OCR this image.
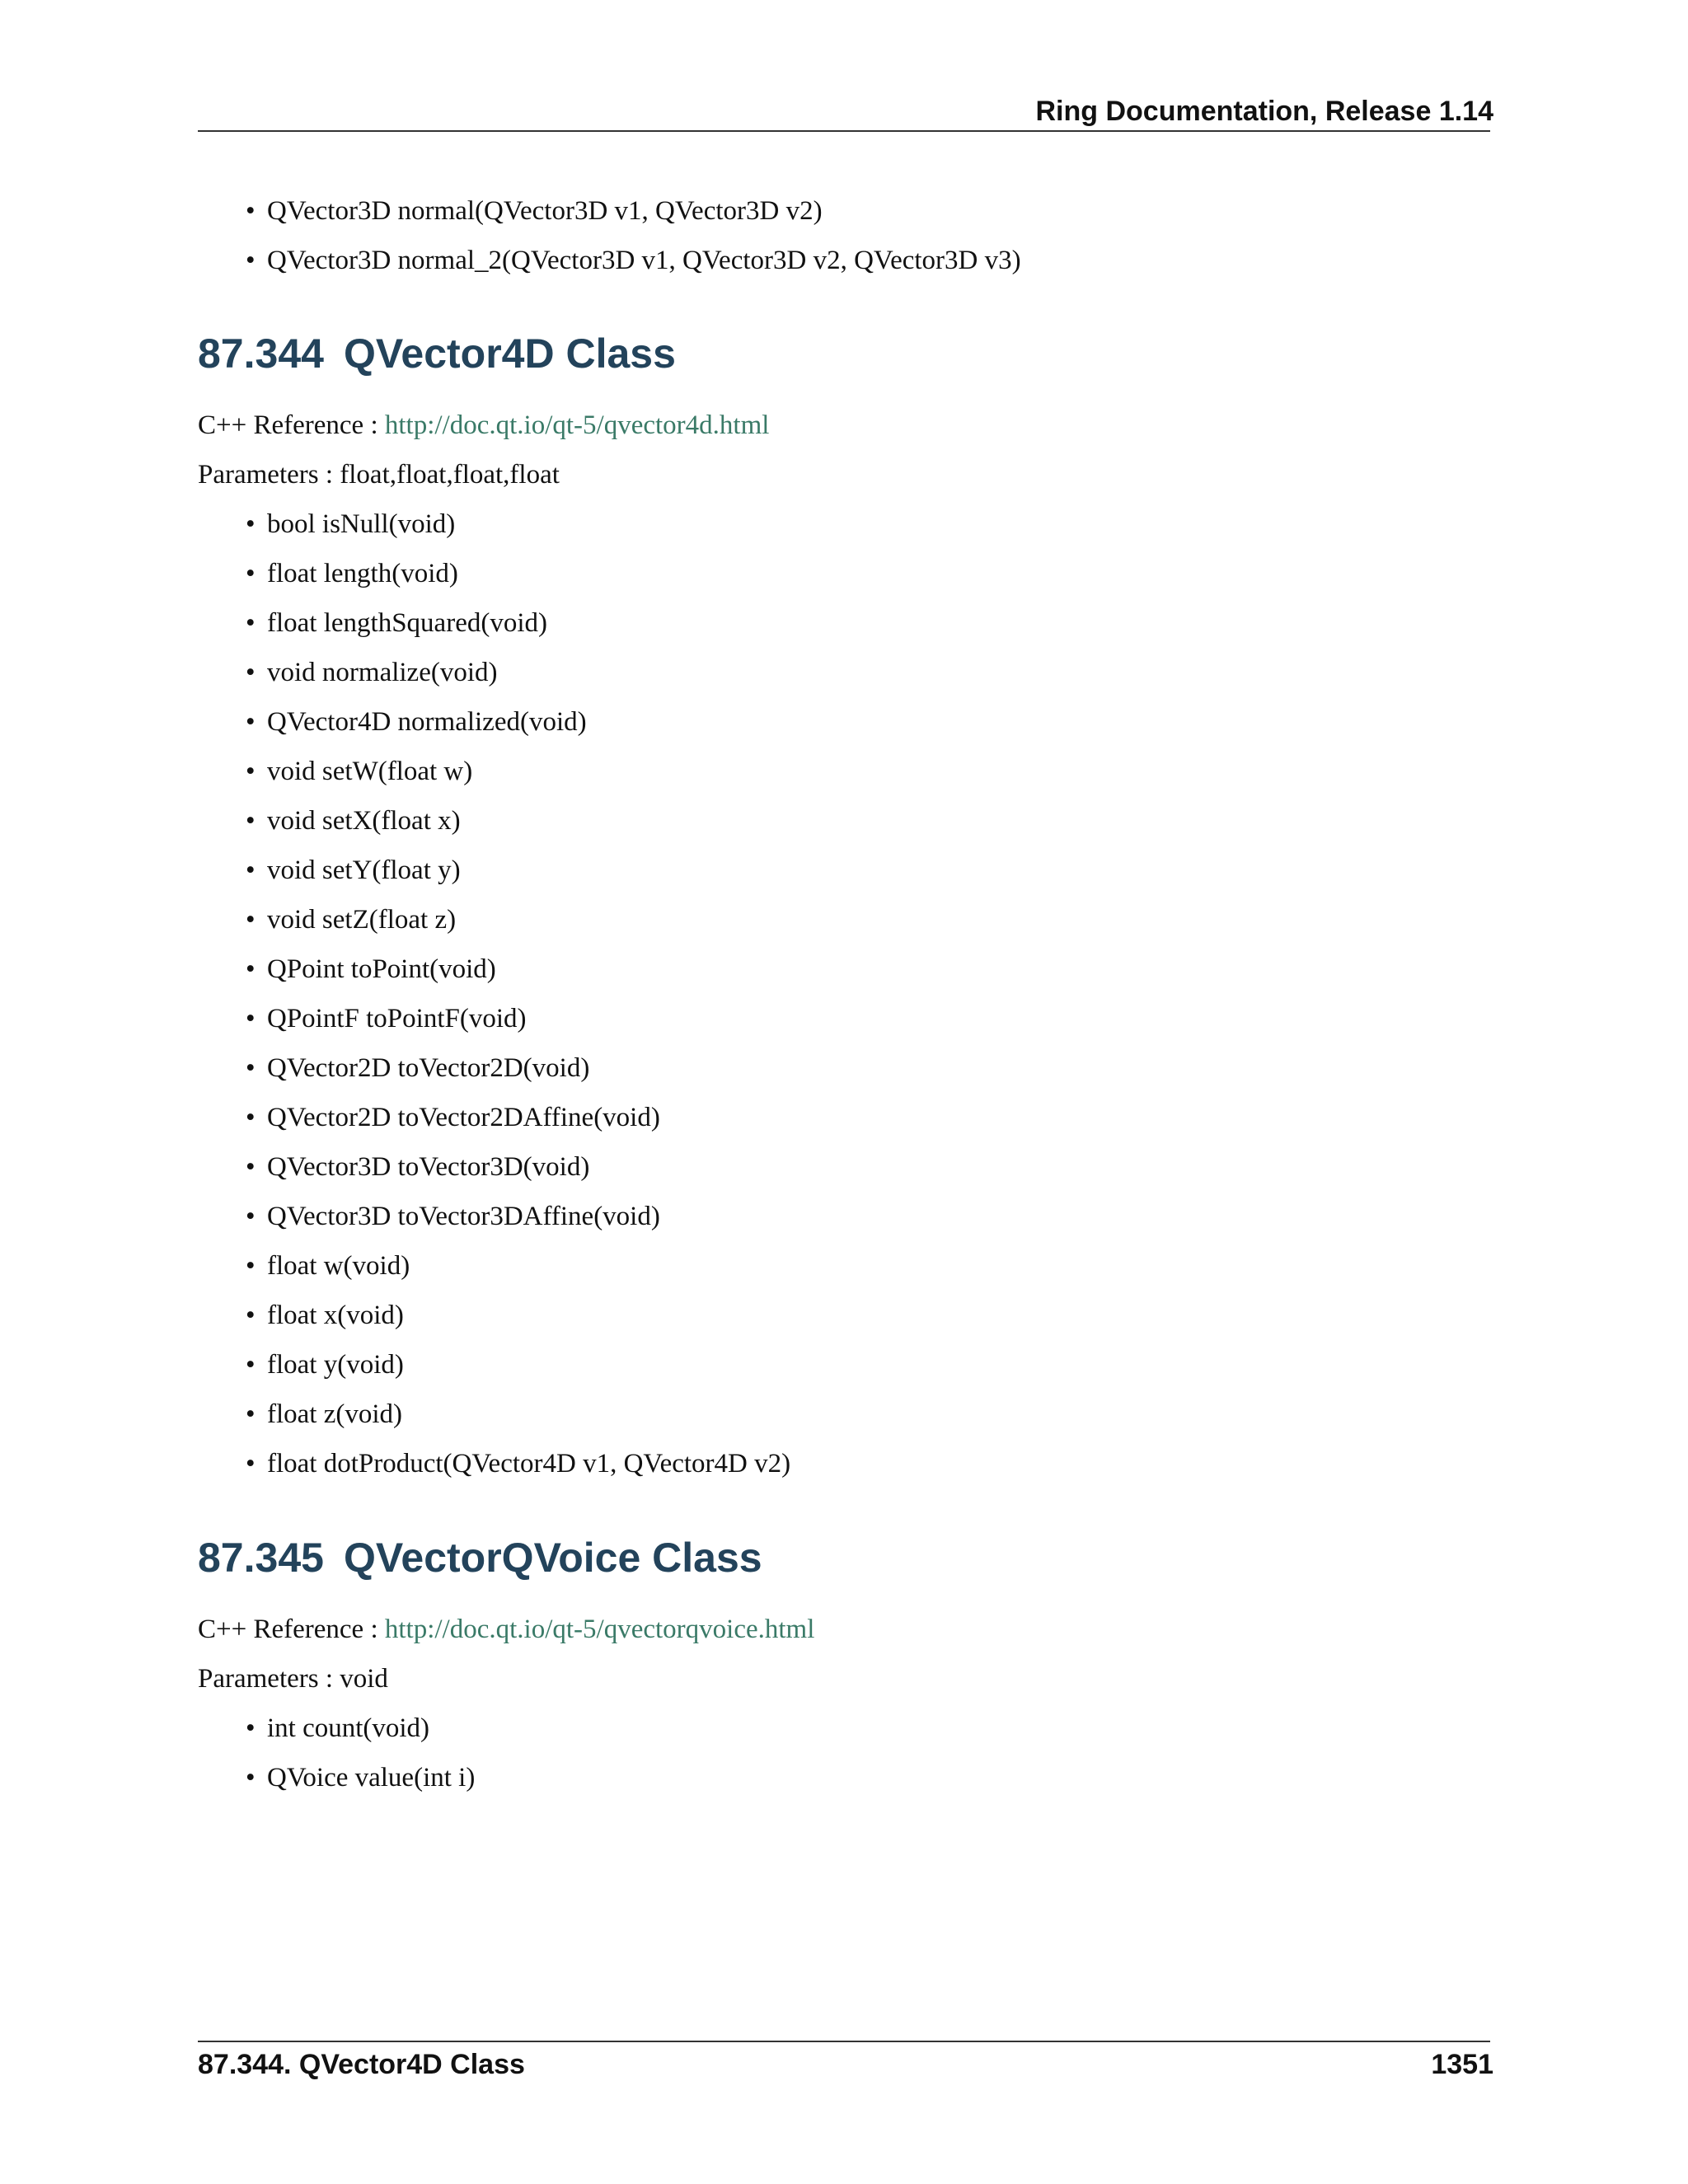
Ring Documentation, Release 1.14
• QVector3D normal(QVector3D v1, QVector3D v2)
• QVector3D normal_2(QVector3D v1, QVector3D v2, QVector3D v3)
87.344 QVector4D Class

C++ Reference : http://doc.qt.io/qt-5/qvector4d.html

Parameters : float,float,float,float

• bool isNull(void)
• float length(void)
• float lengthSquared(void)
• void normalize(void)
• QVector4D normalized(void)
• void setW(float w)
• void setX(float x)
• void setY(float y)
• void setZ(float z)
• QPoint toPoint(void)
• QPointF toPointF(void)
• QVector2D toVector2D(void)
• QVector2D toVector2DAffine(void)
• QVector3D toVector3D(void)
• QVector3D toVector3DAffine(void)
• float w(void)
• float x(void)
• float y(void)
• float z(void)
• float dotProduct(QVector4D v1, QVector4D v2)
87.345 QVectorQVoice Class

C++ Reference : http://doc.qt.io/qt-5/qvectorqvoice.html

Parameters : void

• int count(void)
• QVoice value(int i)
87.344. QVector4D Class	1351
